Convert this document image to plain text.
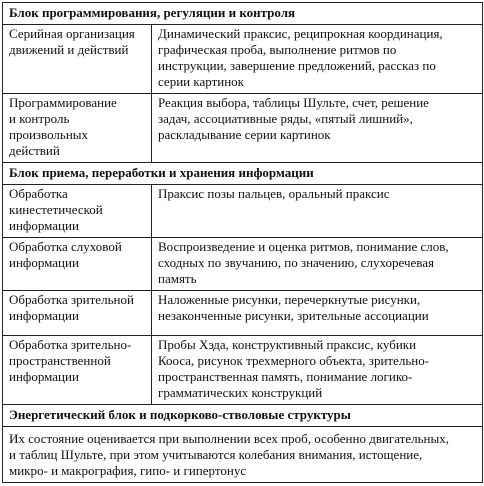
Блок программирования, регуляции и контроля	

Серийная организация
движений и действий	Динамический праксис, реципрокная координация,
графическая проба, выполнение ритмов по
инструкции, завершение предложений, рассказ по
серии картинок

Программирование
и контроль
произвольных
действий	Реакция выбора, таблицы Шульте, счет, решение
задач, ассоциативные ряды, «пятый лишний»,
раскладывание серии картинок

Блок приема, переработки и хранения информации	

Обработка
кинестетической
информации	Праксис позы пальцев, оральный праксис

Обработка слуховой
информации	Воспроизведение и оценка ритмов, понимание слов,
сходных по звучанию, по значению, слухоречевая
память

Обработка зрительной
информации	Наложенные рисунки, перечеркнутые рисунки,
незаконченные рисунки, зрительные ассоциации

Обработка зрительно-
пространственной
информации	Пробы Хэда, конструктивный праксис, кубики
Кооса, рисунок трехмерного объекта, зрительно-
пространственная память, понимание логико-
грамматических конструкций

Энергетический блок и подкорково-стволовые структуры	

Их состояние оценивается при выполнении всех проб, особенно двигательных,
и таблиц Шульте, при этом учитываются колебания внимания, истощение,
микро- и макрография, гипо- и гипертонус	
